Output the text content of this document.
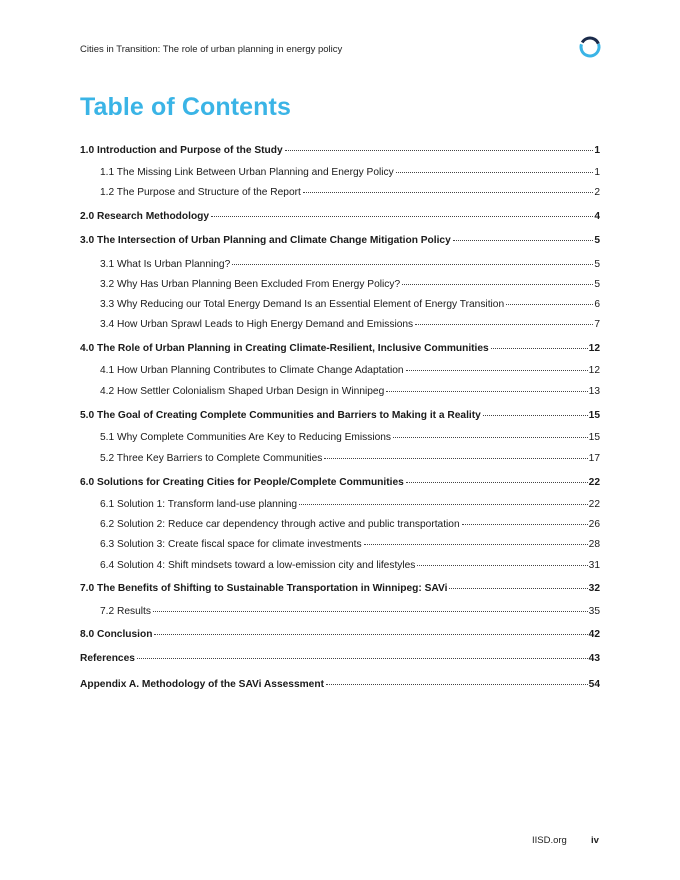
Cities in Transition: The role of urban planning in energy policy
Table of Contents
1.0 Introduction and Purpose of the Study	1
1.1 The Missing Link Between Urban Planning and Energy Policy	1
1.2 The Purpose and Structure of the Report	2
2.0 Research Methodology	4
3.0 The Intersection of Urban Planning and Climate Change Mitigation Policy	5
3.1 What Is Urban Planning?	5
3.2 Why Has Urban Planning Been Excluded From Energy Policy?	5
3.3 Why Reducing our Total Energy Demand Is an Essential Element of Energy Transition	6
3.4 How Urban Sprawl Leads to High Energy Demand and Emissions	7
4.0 The Role of Urban Planning in Creating Climate-Resilient, Inclusive Communities	12
4.1 How Urban Planning Contributes to Climate Change Adaptation	12
4.2 How Settler Colonialism Shaped Urban Design in Winnipeg	13
5.0 The Goal of Creating Complete Communities and Barriers to Making it a Reality	15
5.1 Why Complete Communities Are Key to Reducing Emissions	15
5.2 Three Key Barriers to Complete Communities	17
6.0 Solutions for Creating Cities for People/Complete Communities	22
6.1 Solution 1: Transform land-use planning	22
6.2 Solution 2: Reduce car dependency through active and public transportation	26
6.3 Solution 3: Create fiscal space for climate investments	28
6.4 Solution 4: Shift mindsets toward a low-emission city and lifestyles	31
7.0 The Benefits of Shifting to Sustainable Transportation in Winnipeg: SAVi	32
7.2 Results	35
8.0 Conclusion	42
References	43
Appendix A. Methodology of the SAVi Assessment	54
IISD.org	iv
